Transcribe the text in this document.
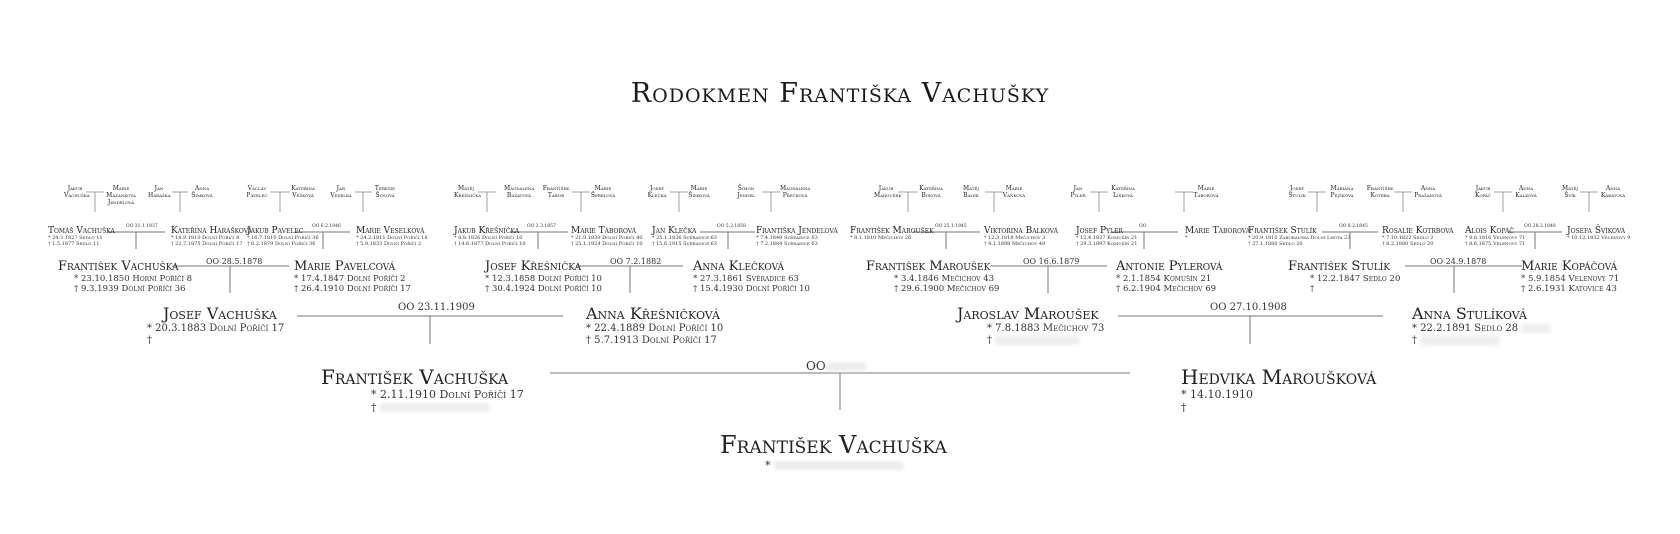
Rodokmen Františka Vachušky
František Vachuška
*
OO
František Vachuška
* 2.11.1910 Dolní Poříčí 17
†
Hedvika Maroušková
* 14.10.1910
†
OO 23.11.1909	OO 27.10.1908
Josef Vachuška
* 20.3.1883 Dolní Poříčí 17
†
Anna Křešničková
* 22.4.1889 Dolní Poříčí 10
† 5.7.1913 Dolní Poříčí 17
Jaroslav Maroušek
* 7.8.1883 Mečichov 73
†
Anna Stulíková
* 22.2.1891 Sedlo 28
†
OO 28.5.1878	OO 7.2.1882	OO 16.6.1879	OO 24.9.1878
František Vachuška
* 23.10.1850 Horní Poříčí 8
† 9.3.1939 Dolní Poříčí 36
Marie Pavelcová
* 17.4.1847 Dolní Poříčí 2
† 26.4.1910 Dolní Poříčí 17
Josef Křešnička
* 12.3.1858 Dolní Poříčí 10
† 30.4.1924 Dolní Poříčí 10
Anna Klečková
* 27.3.1861 Svéradice 63
† 15.4.1930 Dolní Poříčí 10
František Maroušek
* 3.4.1846 Mečichov 43
† 29.6.1900 Mečichov 69
Antonie Pylerová
* 2.1.1854 Komušín 21
† 6.2.1904 Mečichov 69
František Stulík
* 12.2.1847 Sedlo 20
†
Marie Kopáčová
* 5.9.1854 Velenovy 71
† 2.6.1931 Katovice 43
OO 31.1.1837	OO 6.2.1846	OO 2.3.1857	OO 5.2.1858	OO 25.1.1845	OO	OO 8.2.1845	OO 28.2.1848
Tomáš Vachuška
* 24.3.1827 Sedlo 11
† 1.5.1877 Sedlo 11
Kateřina Harašková
* 18.9.1810 Dolní Poříčí 8
† 22.7.1875 Dolní Poříčí 17
Jakub Pavelec
* 16.7.1810 Dolní Poříčí 36
† 6.2.1879 Dolní Poříčí 36
Marie Veselková
* 24.2.1811 Dolní Poříčí 18
† 5.9.1833 Dolní Poříčí 2
Jakub Křešnička
* 8.8.1826 Dolní Poříčí 10
† 14.6.1877 Dolní Poříčí 10
Marie Táborová
* 21.9.1839 Dolní Poříčí 40
† 25.1.1924 Dolní Poříčí 10
Jan Klečka
* 25.1.1836 Svéradice 63
† 15.6.1915 Svéradice 63
Františka Jendelová
* 7.4.1849 Svéradice 63
† 7.2.1884 Svéradice 63
František Maroušek
* 8.1.1810 Mečichov 26
Viktorina Balková
* 12.3.1818 Mečichov 3
† 4.1.1898 Mečichov 49
Josef Pyler
* 12.4.1827 Komušín 21
† 29.3.1897 Komušín 21
Marie Táborová
*
František Stulík
* 20.9.1810 Zaboravská Dolní Lhota 23
† 27.1.1880 Sedlo 20
Rosalie Kotrbová
* 7.10.1822 Sedlo 2
† 8.2.1880 Sedlo 20
Alois Kopáč
* 9.6.1816 Velenovy 71
† 8.6.1875 Velenovy 71
Josefa Švíková
* 10.12.1832 Velenovy 9
Jakub Vachuška
Marie Mazankova Jendelová
Jan Haraška
Anna Šimková
Václav Pavelec
Kateřina Věšková
Jan Veselka
Terezie Šusová
Matěj Křešnička
Magdalena Bažatová
František Tábor
Marie Šebelová
Josef Klečka
Marie Šimková
Šimon Jendel
Magdalena Přečková
Jakub Maroušek
Kateřina Boková
Matěj Balek
Marie Vaňková
Jan Pyler
Kateřina Lišková
Marie Táborová
Josef Stulík
Mariana Pejšková
František Kotrba
Anna Pražanová
Jakub Kopáč
Anna Kalková
Matěj Švík
Anna Kabátová
